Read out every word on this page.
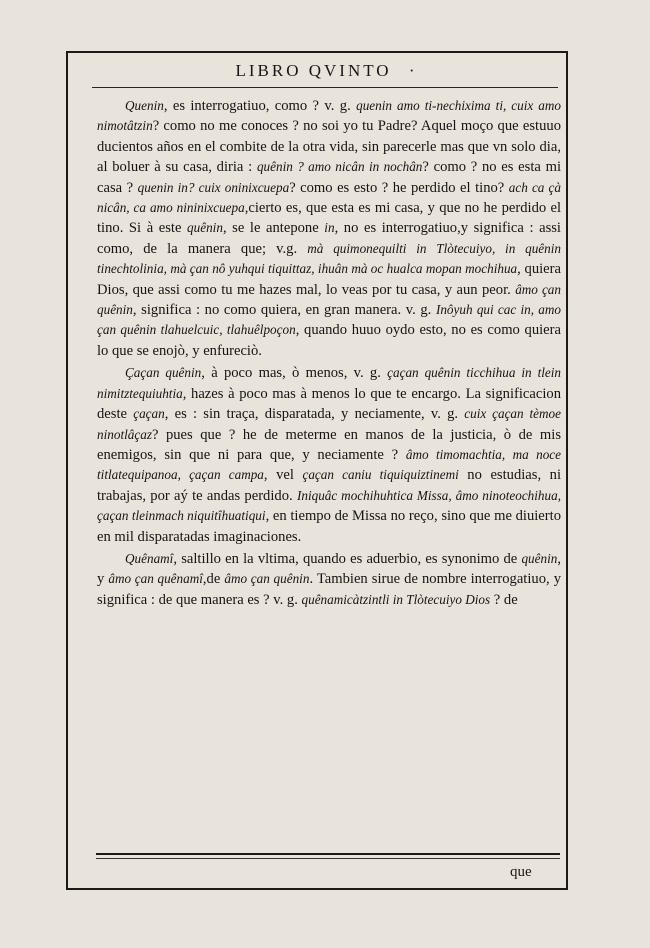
LIBRO QVINTO ·

Quenin, es interrogatiuo, como ? v. g. quenin amo ti-nechixima ti, cuix amo nimotâtzin? como no me conoces ? no soi yo tu Padre? Aquel moço que estuuo ducientos años en el combite de la otra vida, sin parecerle mas que vn solo dia, al boluer à su casa, diria : quênin ? amo nicân in nochân? como ? no es esta mi casa ? quenin in? cuix oninixcuepa? como es esto ? he perdido el tino? ach ca çà nicân, ca amo nininixcuepa,cierto es, que esta es mi casa, y que no he perdido el tino. Si à este quênin, se le antepone in, no es interrogatiuo,y significa : assi como, de la manera que; v.g. mà quimonequilti in Tlòtecuiyo, in quênin tinechtolinia, mà çan nô yuhqui tiquittaz, ihuân mà oc hualca mopan mochihua, quiera Dios, que assi como tu me hazes mal, lo veas por tu casa, y aun peor. âmo çan quênin, significa : no como quiera, en gran manera. v. g. Inôyuh qui cac in, amo çan quênin tlahuelcuic, tlahuêlpoçon, quando huuo oydo esto, no es como quiera lo que se enojò, y enfureciò.

Çaçan quênin, à poco mas, ò menos, v. g. çaçan quênin ticchihua in tlein nimitztequiuhtia, hazes à poco mas à menos lo que te encargo. La significacion deste çaçan, es : sin traça, disparatada, y neciamente, v. g. cuix çaçan tèmoe ninotlâçaz? pues que ? he de meterme en manos de la justicia, ò de mis enemigos, sin que ni para que, y neciamente ? âmo timomachtia, ma noce titlatequipanoa, çaçan campa, vel çaçan caniu tiquiquiztinemi no estudias, ni trabajas, por aý te andas perdido. Iniquâc mochihuhtica Missa, âmo ninoteochihua, çaçan tleinmach niquitîhuatiqui, en tiempo de Missa no reço, sino que me diuierto en mil disparatadas imaginaciones.

Quênamî, saltillo en la vltima, quando es aduerbio, es synonimo de quênin, y âmo çan quênamî,de âmo çan quênin. Tambien sirue de nombre interrogatiuo, y significa : de que manera es ? v. g. quênamicàtzintli in Tlòtecuiyo Dios ? de

que
